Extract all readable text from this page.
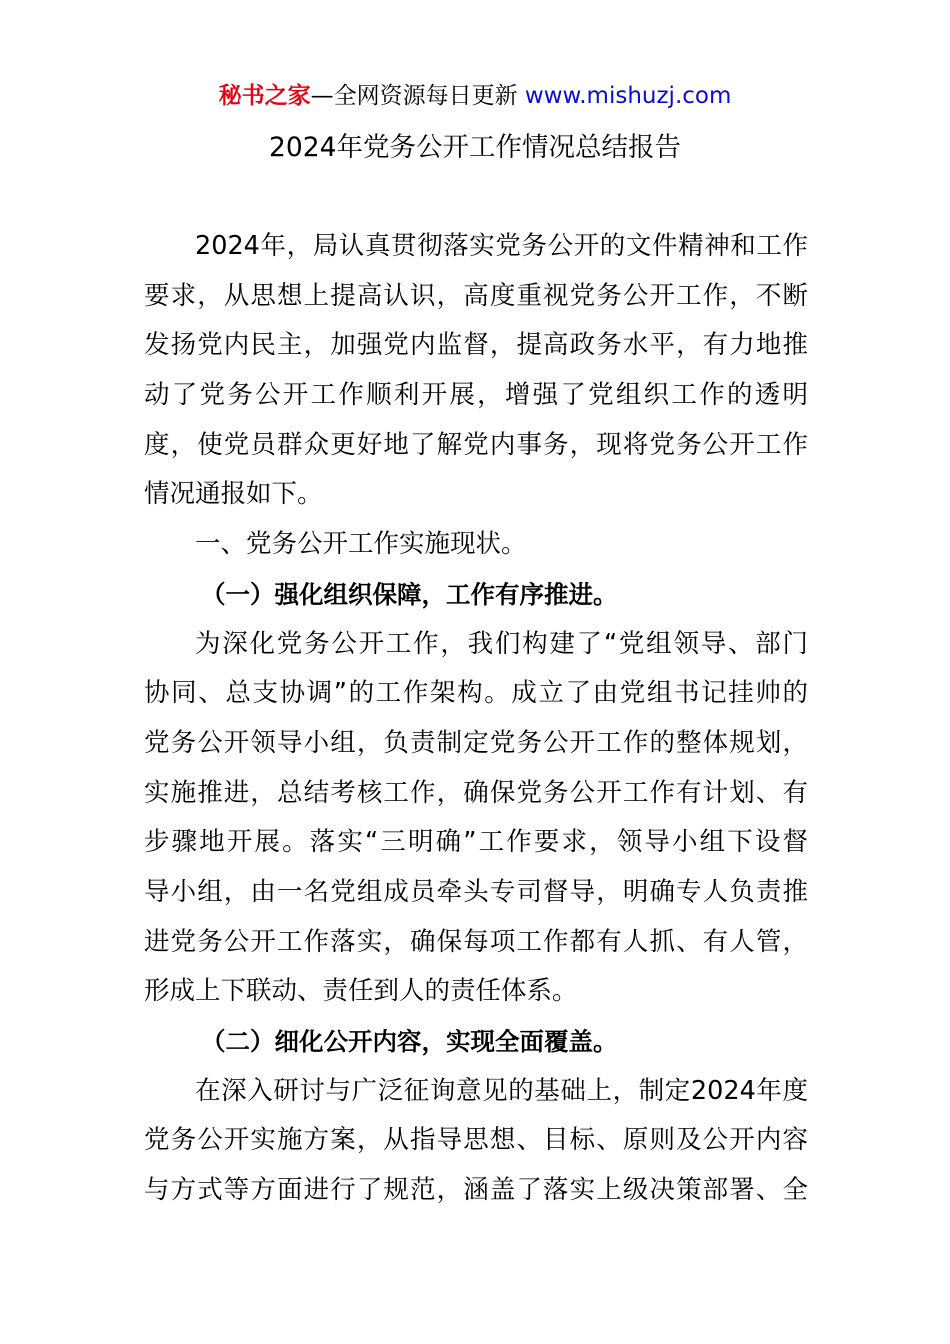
秘书之家—全网资源每日更新 www.mishuzj.com
2024年党务公开工作情况总结报告

2024年，局认真贯彻落实党务公开的文件精神和工作

要求，从思想上提高认识，高度重视党务公开工作，不断

发扬党内民主，加强党内监督，提高政务水平，有力地推

动了党务公开工作顺利开展，增强了党组织工作的透明

度，使党员群众更好地了解党内事务，现将党务公开工作

情况通报如下。

一、党务公开工作实施现状。

（一）强化组织保障，工作有序推进。

为深化党务公开工作，我们构建了“党组领导、部门

协同、总支协调”的工作架构。成立了由党组书记挂帅的

党务公开领导小组，负责制定党务公开工作的整体规划，

实施推进，总结考核工作，确保党务公开工作有计划、有

步骤地开展。落实“三明确”工作要求，领导小组下设督

导小组，由一名党组成员牵头专司督导，明确专人负责推

进党务公开工作落实，确保每项工作都有人抓、有人管，

形成上下联动、责任到人的责任体系。

（二）细化公开内容，实现全面覆盖。

在深入研讨与广泛征询意见的基础上，制定2024年度

党务公开实施方案，从指导思想、目标、原则及公开内容

与方式等方面进行了规范，涵盖了落实上级决策部署、全
